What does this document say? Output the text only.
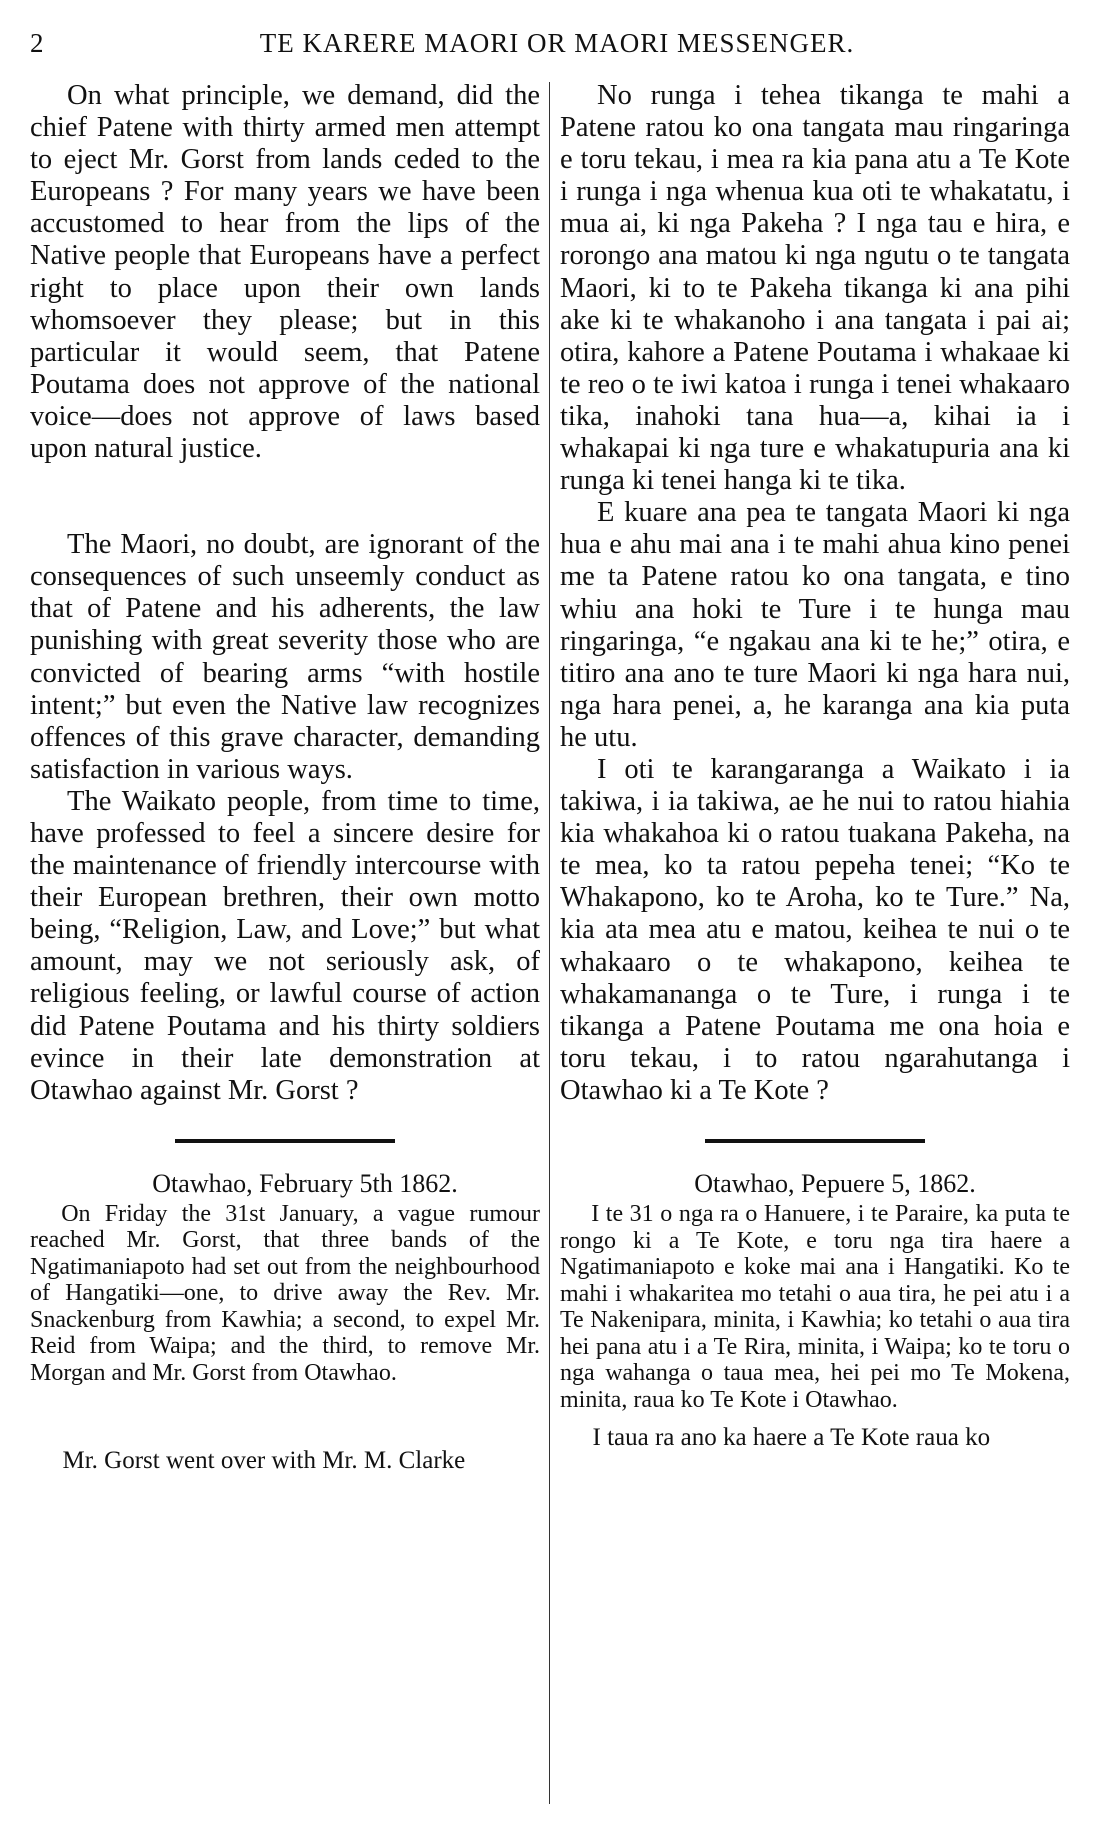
2	TE KARERE MAORI OR MAORI MESSENGER.

On what principle, we demand, did the chief Patene with thirty armed men attempt to eject Mr. Gorst from lands ceded to the Europeans ? For many years we have been accustomed to hear from the lips of the Native people that Europeans have a perfect right to place upon their own lands whomsoever they please; but in this particular it would seem, that Patene Poutama does not approve of the national voice—does not approve of laws based upon natural justice.

The Maori, no doubt, are ignorant of the consequences of such unseemly conduct as that of Patene and his adherents, the law punishing with great severity those who are convicted of bearing arms “with hostile intent;” but even the Native law recognizes offences of this grave character, demanding satisfaction in various ways.

The Waikato people, from time to time, have professed to feel a sincere desire for the maintenance of friendly intercourse with their European brethren, their own motto being, “Religion, Law, and Love;” but what amount, may we not seriously ask, of religious feeling, or lawful course of action did Patene Poutama and his thirty soldiers evince in their late demonstration at Otawhao against Mr. Gorst ?

Otawhao, February 5th 1862.

On Friday the 31st January, a vague rumour reached Mr. Gorst, that three bands of the Ngatimaniapoto had set out from the neighbourhood of Hangatiki—one, to drive away the Rev. Mr. Snackenburg from Kawhia; a second, to expel Mr. Reid from Waipa; and the third, to remove Mr. Morgan and Mr. Gorst from Otawhao.

Mr. Gorst went over with Mr. M. Clarke

No runga i tehea tikanga te mahi a Patene ratou ko ona tangata mau ringaringa e toru tekau, i mea ra kia pana atu a Te Kote i runga i nga whenua kua oti te whakatatu, i mua ai, ki nga Pakeha ? I nga tau e hira, e rorongo ana matou ki nga ngutu o te tangata Maori, ki to te Pakeha tikanga ki ana pihi ake ki te whakanoho i ana tangata i pai ai; otira, kahore a Patene Poutama i whakaae ki te reo o te iwi katoa i runga i tenei whakaaro tika, inahoki tana hua—a, kihai ia i whakapai ki nga ture e whakatupuria ana ki runga ki tenei hanga ki te tika.

E kuare ana pea te tangata Maori ki nga hua e ahu mai ana i te mahi ahua kino penei me ta Patene ratou ko ona tangata, e tino whiu ana hoki te Ture i te hunga mau ringaringa, “e ngakau ana ki te he;” otira, e titiro ana ano te ture Maori ki nga hara nui, nga hara penei, a, he karanga ana kia puta he utu.

I oti te karangaranga a Waikato i ia takiwa, i ia takiwa, ae he nui to ratou hiahia kia whakahoa ki o ratou tuakana Pakeha, na te mea, ko ta ratou pepeha tenei; “Ko te Whakapono, ko te Aroha, ko te Ture.” Na, kia ata mea atu e matou, keihea te nui o te whakaaro o te whakapono, keihea te whakamananga o te Ture, i runga i te tikanga a Patene Poutama me ona hoia e toru tekau, i to ratou ngarahutanga i Otawhao ki a Te Kote ?

Otawhao, Pepuere 5, 1862.

I te 31 o nga ra o Hanuere, i te Paraire, ka puta te rongo ki a Te Kote, e toru nga tira haere a Ngatimaniapoto e koke mai ana i Hangatiki. Ko te mahi i whakaritea mo tetahi o aua tira, he pei atu i a Te Nakenipara, minita, i Kawhia; ko tetahi o aua tira hei pana atu i a Te Rira, minita, i Waipa; ko te toru o nga wahanga o taua mea, hei pei mo Te Mokena, minita, raua ko Te Kote i Otawhao.

I taua ra ano ka haere a Te Kote raua ko
